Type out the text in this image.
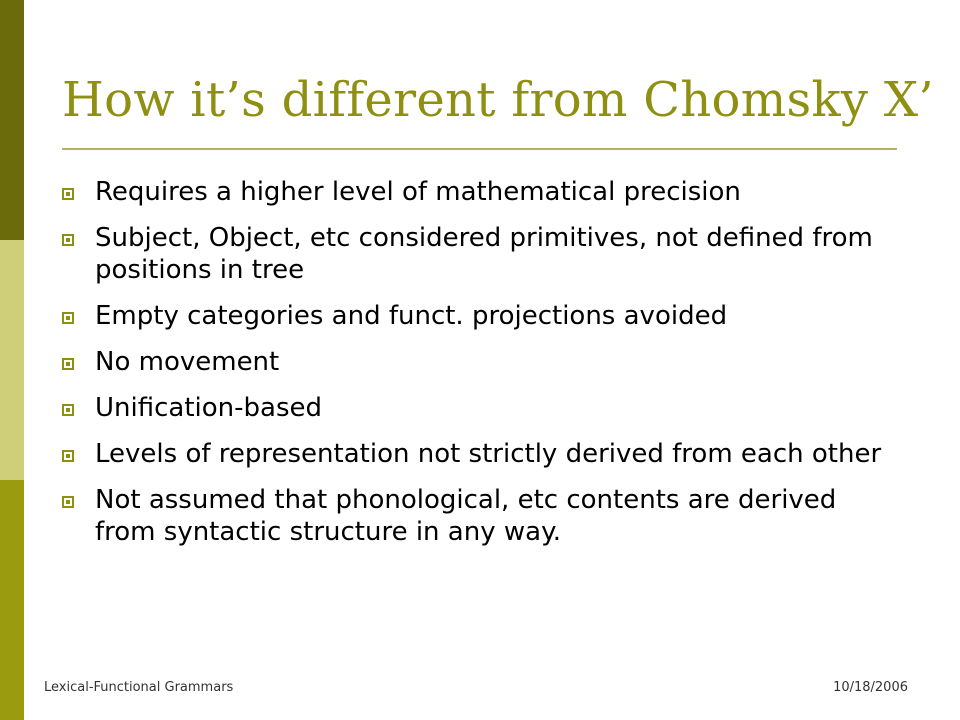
How it’s different from Chomsky X’
Requires a higher level of mathematical precision
Subject, Object, etc considered primitives, not defined from positions in tree
Empty categories and funct. projections avoided
No movement
Unification-based
Levels of representation not strictly derived from each other
Not assumed that phonological, etc contents are derived from syntactic structure in any way.
Lexical-Functional Grammars	10/18/2006
